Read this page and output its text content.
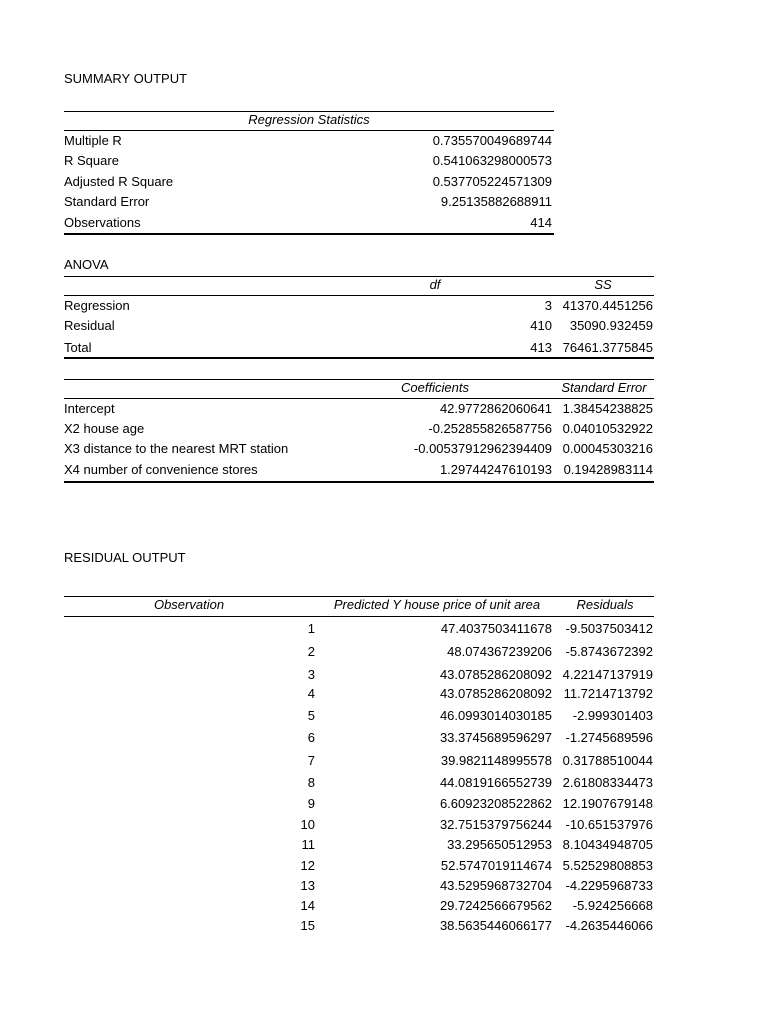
SUMMARY OUTPUT
Regression Statistics
Multiple R	0.735570049689744
R Square	0.541063298000573
Adjusted R Square	0.537705224571309
Standard Error	9.25135882688911
Observations	414
ANOVA
df	SS
Regression	3 41370.4451256
Residual	410	35090.932459
Total	413 76461.3775845
Coefficients	Standard Error
Intercept	42.9772862060641 1.38454238825
X2 house age	-0.252855826587756 0.04010532922
X3 distance to the nearest MRT station	-0.00537912962394409 0.00045303216
X4 number of convenience stores	1.29744247610193 0.19428983114
RESIDUAL OUTPUT
Observation	Predicted Y house price of unit area	Residuals
1	47.4037503411678	-9.5037503412
2	48.074367239206	-5.8743672392
3	43.0785286208092 4.22147137919
4	43.0785286208092 11.7214713792
5	46.0993014030185	-2.999301403
6	33.3745689596297	-1.2745689596
7	39.9821148995578 0.31788510044
8	44.0819166552739 2.61808334473
9	6.60923208522862 12.1907679148
10	32.7515379756244	-10.651537976
11	33.295650512953 8.10434948705
12	52.5747019114674 5.52529808853
13	43.5295968732704	-4.2295968733
14	29.7242566679562	-5.924256668
15	38.5635446066177	-4.2635446066
